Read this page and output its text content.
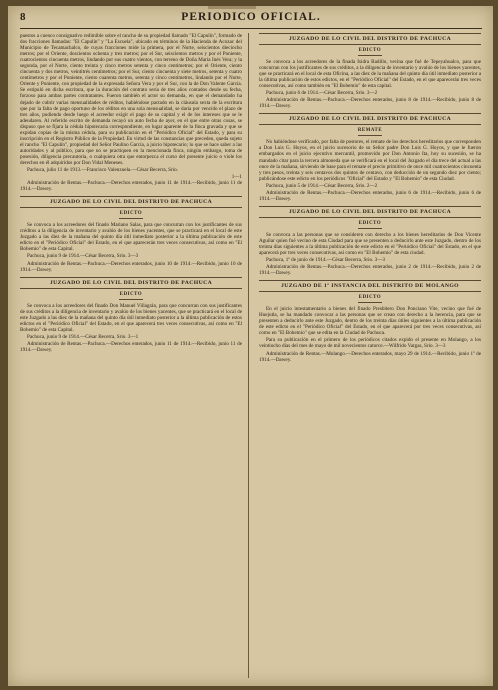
8	PERIODICO OFICIAL.

puestos a cuenco consignativo redimible sobre el rancho de su propiedad llamado "El Capulín", formado de dos fracciones llamadas: "El Capulín" y "La Escuela", ubicado en términos de la Hacienda de Acozac del Municipio de Tecamachalco, de cuyas fracciones mide la primera, por el Norte, seiscientos dieciocho metros; por el Oriente, doscientos ochenta y tres metros; por el Sur, seiscientos metros y por el Poniente, cuatrocientos cincuenta metros, lindando por sus cuatro vientos, con terreno de Doña María Inés Vera; y la segunda, por el Norte, ciento treinta y cinco metros setenta y cinco centímetros; por el Oriente, ciento cincuenta y dos metros, veintitrés centímetros; por el Sur, ciento cincuenta y siete metros, setenta y cuatro centímetros y por el Poniente, ciento cuarenta metros, setenta y cinco centímetros, lindando por el Norte, Oriente y Poniente, con propiedad de la expresada Señora Vera y por el Sur, con la de Don Valente García. Se estipuló en dicha escritura, que la duración del contrato sería de tres años contados desde su fecha, forzoso para ambas partes contratantes. Fueron también el actor su demanda, en que el demandado ha dejado de cubrir varias mensualidades de réditos, habiéndose pactado en la cláusula sexta de la escritura que por la falta de pago oportuno de los réditos en una sola mensualidad, se daría por vencido el plazo de tres años, pudiendo desde luego el acreedor exigir el pago de su capital y el de los intereses que se le adeudaren. Al referido escrito de demanda recayó un auto fecha de ayer, en el que entre otras cosas, se dispuso que se fijara la cédula hipotecaria correspondiente, en lugar aparente de la finca gravada y que se expidan copias de la misma cédula, para su publicación en el "Periódico Oficial" del Estado, y para su inscripción en el Registro Público de la Propiedad. En virtud de las constancias que preceden, queda sujeto el rancho "El Capulín", propiedad del Señor Paulino García, a juicio hipotecario; lo que se hace saber a las autoridades y al público, para que no se practiquen en la mencionada finca, ningún embargo, toma de posesión, diligencia precautoria, o cualquiera otra que entorpezca el curso del presente juicio o viole los derechos en él adquiridos por Don Vidal Meneses.

Pachuca, julio 11 de 1913.—Francisco Valenzuela.—César Becerra, Srio.

1—1

Administración de Rentas.—Pachuca.—Derechos enterados, junio 11 de 1914.—Recibido, junio 11 de 1914.—Dawey.

JUZGADO DE LO CIVIL DEL DISTRITO DE PACHUCA
EDICTO

Se convoca a los acreedores del finado Mariano Salas, para que concurran con los justificantes de sus créditos a la diligencia de inventario y avalúo de los bienes yacentes, que se practicará en el local de este Juzgado a las diez de la mañana del quinto día útil inmediato posterior a la última publicación de este edicto en el "Periódico Oficial" del Estado, en el que aparecerán tres veces consecutivas, así como en "El Bohemio" de esta Capital.

Pachuca, junio 9 de 1914.—César Becerra, Srio. 3—3

Administración de Rentas.—Pachuca.—Derechos enterados, junio 10 de 1914.—Recibido, junio 10 de 1914.—Dawey.

JUZGADO DE LO CIVIL DEL DISTRITO DE PACHUCA
EDICTO

Se convoca a los acreedores del finado Don Manuel Villagrán, para que concurran con sus justificantes de sus créditos a la diligencia de inventario y avalúo de los bienes yacentes, que se practicará en el local de este Juzgado a las diez de la mañana del quinto día útil inmediato posterior a la última publicación de estos edictos en el "Periódico Oficial" del Estado, en el que aparecerá tres veces consecutivas, así como en "El Bohemio" de esta Capital.

Pachuca, junio 9 de 1914.—César Becerra, Srio. 3—1

Administración de Rentas.—Pachuca.—Derechos enterados, junio 11 de 1914.—Recibido, junio 11 de 1914.—Dawey.

JUZGADO DE LO CIVIL DEL DISTRITO DE PACHUCA
EDICTO

Se convoca a los acreedores de la finada Isidra Badillo, vecina que fué de Tepeyahualco, para que concurran con los justificantes de sus créditos, a la diligencia de inventario y avalúo de los bienes yacentes, que se practicará en el local de esta Oficina, a las diez de la mañana del quinto día útil inmediato posterior a la última publicación de estos edictos, en el "Periódico Oficial" del Estado, en el que aparecerán tres veces consecutivas, así como también en "El Bohemio" de esta capital.

Pachuca, junio 6 de 1914.—César Becerra, Srio. 3—2

Administración de Rentas.—Pachuca.—Derechos enterados, junio 8 de 1914.—Recibido, junio 8 de 1914.—Dawey.

JUZGADO DE LO CIVIL DEL DISTRITO DE PACHUCA
REMATE

No habiéndose verificado, por falta de postores, el remate de los derechos hereditarios que corresponden a Don Luis G. Hoyos, en el juicio sucesorio de su Señor padre Don Luis G. Hoyos, y que le fueron embargados en el juicio ejecutivo mercantil, promovido por Don Antonio Ita, hoy su sucesión, se ha mandado citar para la tercera almoneda que se verificará en el local del Juzgado el día trece del actual a las once de la mañana, sirviendo de base para el remate el precio primitivo de once mil cuatrocientos cincuenta y tres pesos, treinta y seis centavos dos quintos de centavo, con deducción de un segundo diez por ciento; publicándose este edicto en los periódicos "Oficial" del Estado y "El Bohemio" de esta Ciudad.

Pachuca, junio 5 de 1914.—César Becerra, Srio. 2—2

Administración de Rentas.—Pachuca.—Derechos enterados, junio 6 de 1914.—Recibido, junio 6 de 1914.—Dawey.

JUZGADO DE LO CIVIL DEL DISTRITO DE PACHUCA
EDICTO

Se convoca a las personas que se consideren con derecho a los bienes hereditarios de Don Vicente Aguilar quien fué vecino de esta Ciudad para que se presenten a deducirlo ante este Juzgado, dentro de los treinta días siguientes a la última publicación de este edicto en el "Periódico Oficial" del Estado, en el que aparecerá por tres veces consecutivas, así como en "El Bohemio" de esta ciudad.

Pachuca, 1º de junio de 1914.—César Becerra, Srio. 3—3

Administración de Rentas.—Pachuca.—Derechos enterados, junio 2 de 1914.—Recibido, junio 2 de 1914.—Dawey.

JUZGADO DE 1º INSTANCIA DEL DISTRITO DE MOLANGO
EDICTO

En el juicio intestamentario a bienes del finado Presbítero Don Ponciano Vite, vecino que fué de Huejutla, se ha mandado convocar a las personas que se crean con derecho a la herencia, para que se presenten a deducirlo ante este Juzgado, dentro de los treinta días útiles siguientes a la última publicación de este edicto en el "Periódico Oficial" del Estado, en el que aparecerá por tres veces consecutivas, así como en "El Bohemio" que se edita en la Ciudad de Pachuca.

Para su publicación en el primero de los periódicos citados expido el presente en Molango, a los veintiocho días del mes de mayo de mil novecientos catorce.—Wilfrido Vargas, Srio. 3—3

Administración de Rentas.—Molango.—Derechos enterados, mayo 29 de 1914.—Recibido, junio 1º de 1914.—Dawey.
